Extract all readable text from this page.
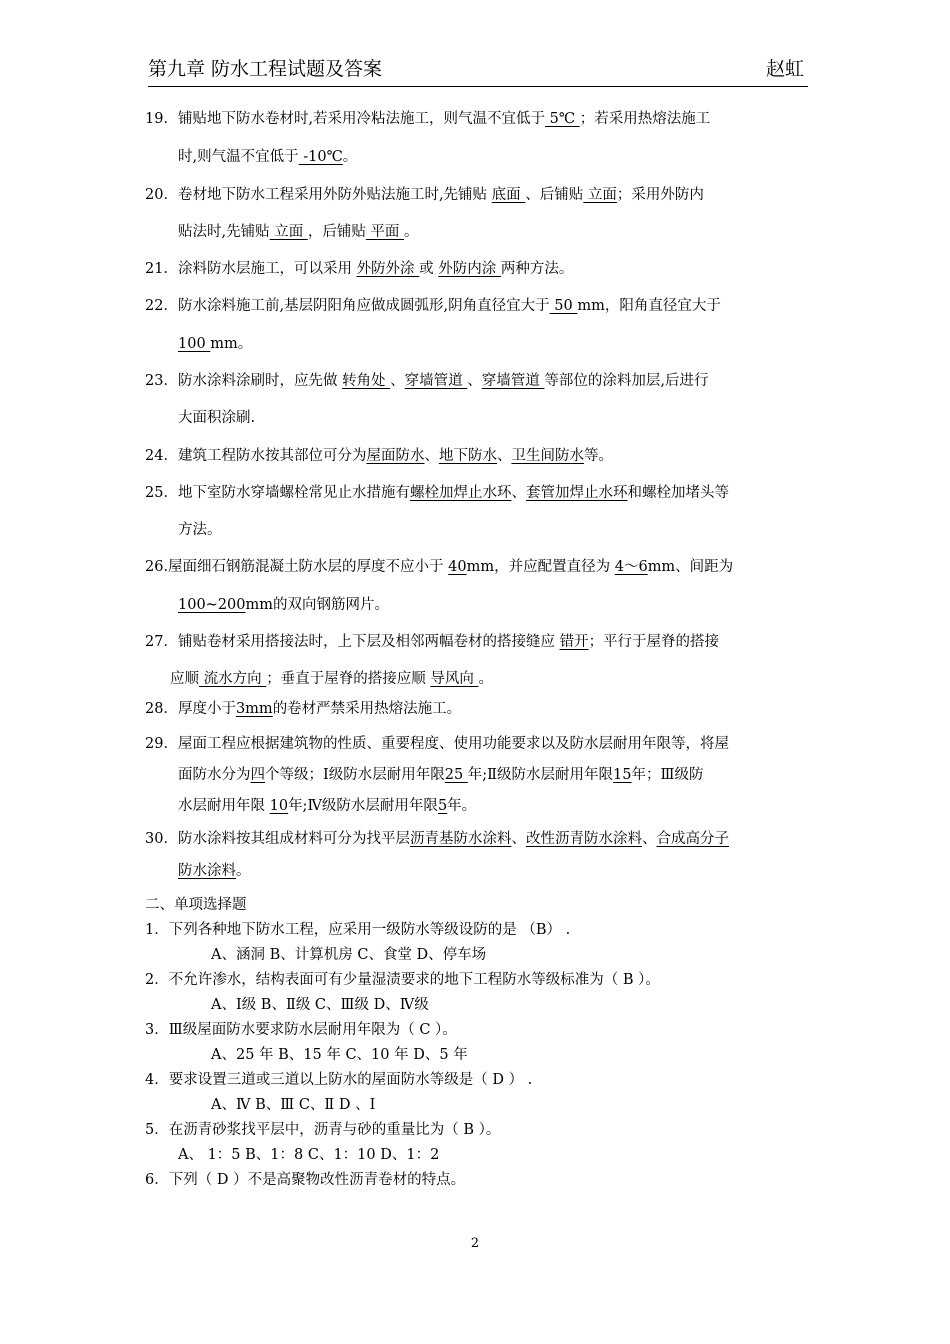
第九章 防水工程试题及答案	赵虹
19．铺贴地下防水卷材时,若采用冷粘法施工，则气温不宜低于 5℃ ；若采用热熔法施工
时,则气温不宜低于 -10℃。
20．卷材地下防水工程采用外防外贴法施工时,先铺贴 底面 、后铺贴 立面；采用外防内
贴法时,先铺贴 立面 ，后铺贴 平面 。
21．涂料防水层施工，可以采用 外防外涂 或 外防内涂 两种方法。
22．防水涂料施工前,基层阴阳角应做成圆弧形,阴角直径宜大于 50 mm，阳角直径宜大于
100 mm。
23．防水涂料涂刷时，应先做 转角处 、穿墙管道 、穿墙管道 等部位的涂料加层,后进行
大面积涂刷.
24．建筑工程防水按其部位可分为屋面防水、地下防水、卫生间防水等。
25．地下室防水穿墙螺栓常见止水措施有螺栓加焊止水环、套管加焊止水环和螺栓加堵头等
方法。
26.屋面细石钢筋混凝土防水层的厚度不应小于 40mm，并应配置直径为 4～6mm、间距为
100~200mm的双向钢筋网片。
27．铺贴卷材采用搭接法时，上下层及相邻两幅卷材的搭接缝应 错开；平行于屋脊的搭接
应顺 流水方向 ；垂直于屋脊的搭接应顺 导风向 。
28．厚度小于3mm的卷材严禁采用热熔法施工。
29．屋面工程应根据建筑物的性质、重要程度、使用功能要求以及防水层耐用年限等，将屋
面防水分为四个等级；Ⅰ级防水层耐用年限25 年;Ⅱ级防水层耐用年限15年；Ⅲ级防
水层耐用年限 10年;Ⅳ级防水层耐用年限5年。
30．防水涂料按其组成材料可分为找平层沥青基防水涂料、改性沥青防水涂料、合成高分子
防水涂料。
二、单项选择题
1．下列各种地下防水工程，应采用一级防水等级设防的是 （B） .
A、涵洞 B、计算机房 C、食堂 D、停车场
2．不允许渗水，结构表面可有少量湿渍要求的地下工程防水等级标准为（ B ）。
A、Ⅰ级 B、Ⅱ级 C、Ⅲ级 D、Ⅳ级
3．Ⅲ级屋面防水要求防水层耐用年限为（ C ）。
A、25 年 B、15 年 C、10 年 D、5 年
4．要求设置三道或三道以上防水的屋面防水等级是（ D ） .
A、Ⅳ B、Ⅲ C、Ⅱ D 、Ⅰ
5．在沥青砂浆找平层中，沥青与砂的重量比为（ B ）。
A、 1：5 B、1：8 C、1：10 D、1：2
6．下列（ D ）不是高聚物改性沥青卷材的特点。
2
